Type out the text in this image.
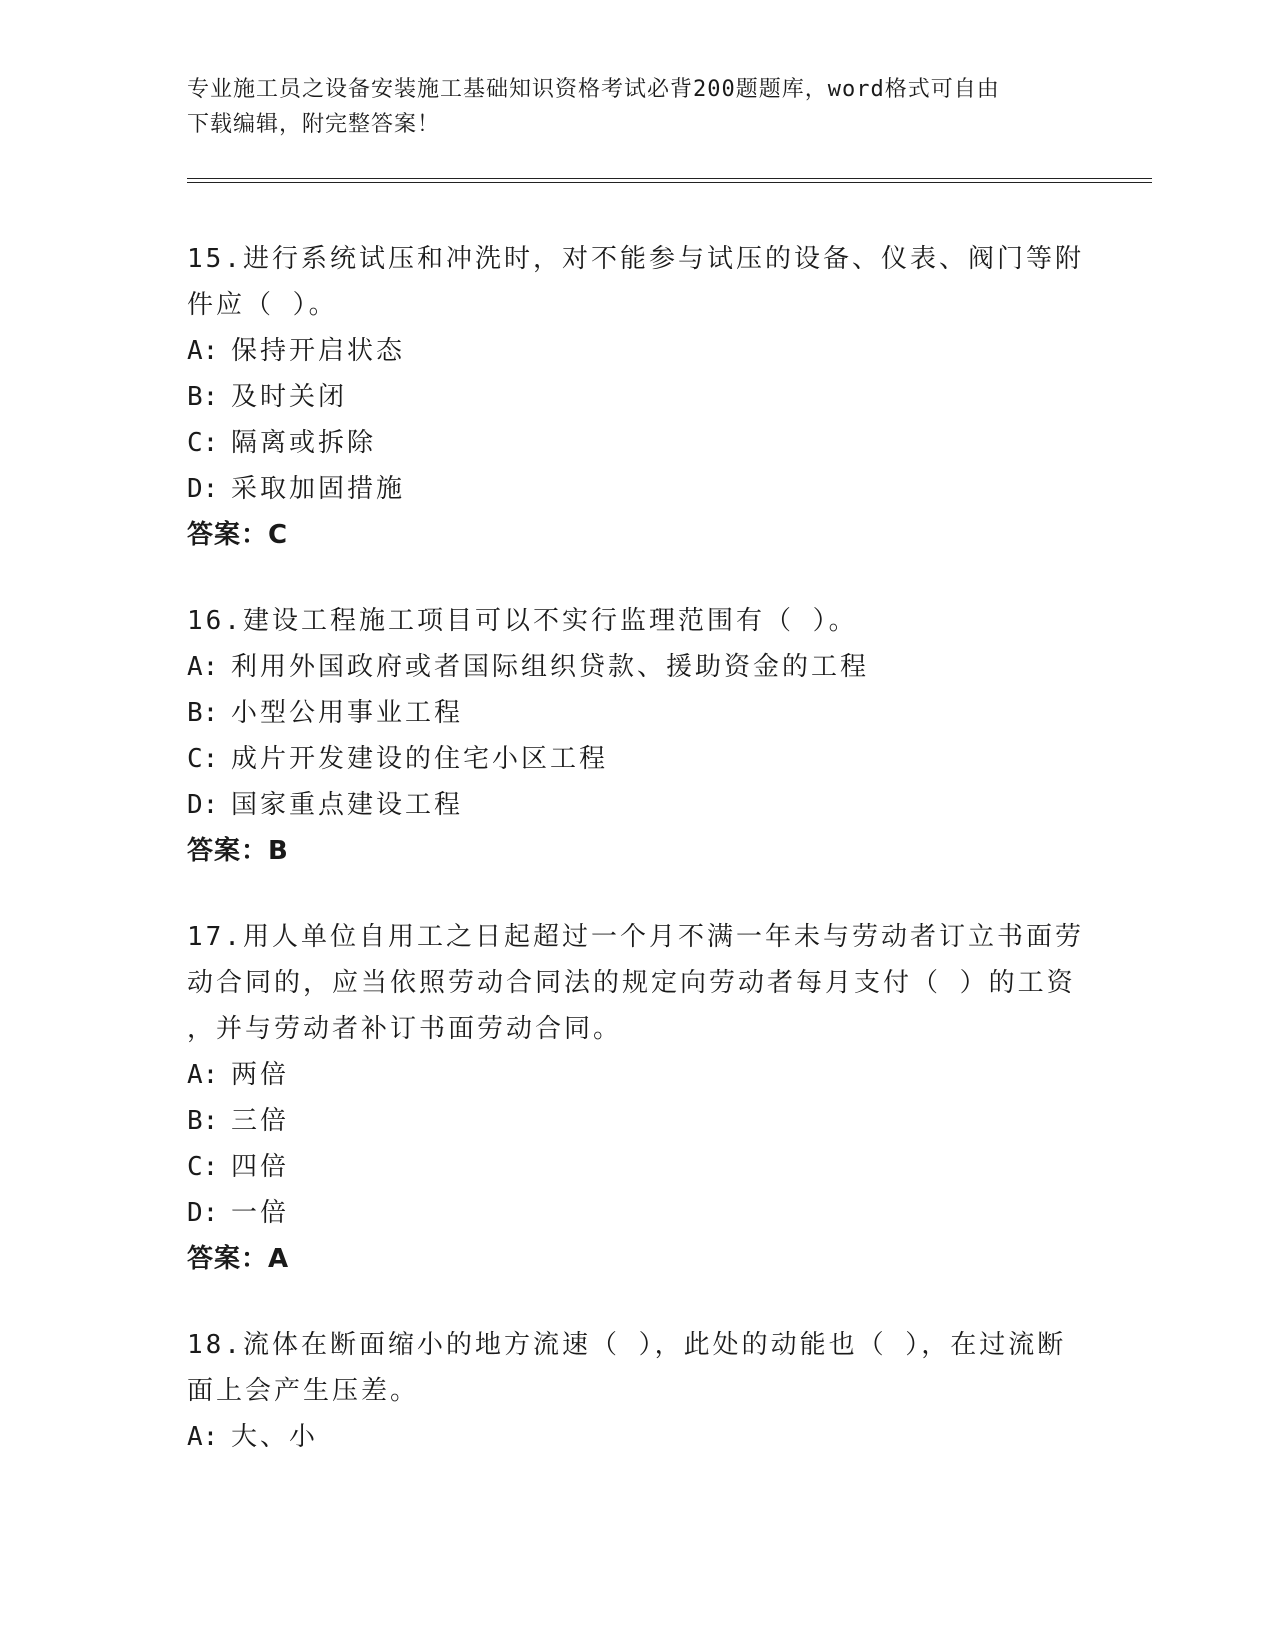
专业施工员之设备安装施工基础知识资格考试必背200题题库，word格式可自由
下载编辑，附完整答案！

15.进行系统试压和冲洗时，对不能参与试压的设备、仪表、阀门等附

件应（ ）。

A: 保持开启状态

B: 及时关闭

C: 隔离或拆除

D: 采取加固措施

答案：C

16.建设工程施工项目可以不实行监理范围有（ ）。

A: 利用外国政府或者国际组织贷款、援助资金的工程

B: 小型公用事业工程

C: 成片开发建设的住宅小区工程

D: 国家重点建设工程

答案：B

17.用人单位自用工之日起超过一个月不满一年未与劳动者订立书面劳

动合同的，应当依照劳动合同法的规定向劳动者每月支付（ ）的工资

，并与劳动者补订书面劳动合同。

A: 两倍

B: 三倍

C: 四倍

D: 一倍

答案：A

18.流体在断面缩小的地方流速（ ），此处的动能也（ ），在过流断

面上会产生压差。

A: 大、小
